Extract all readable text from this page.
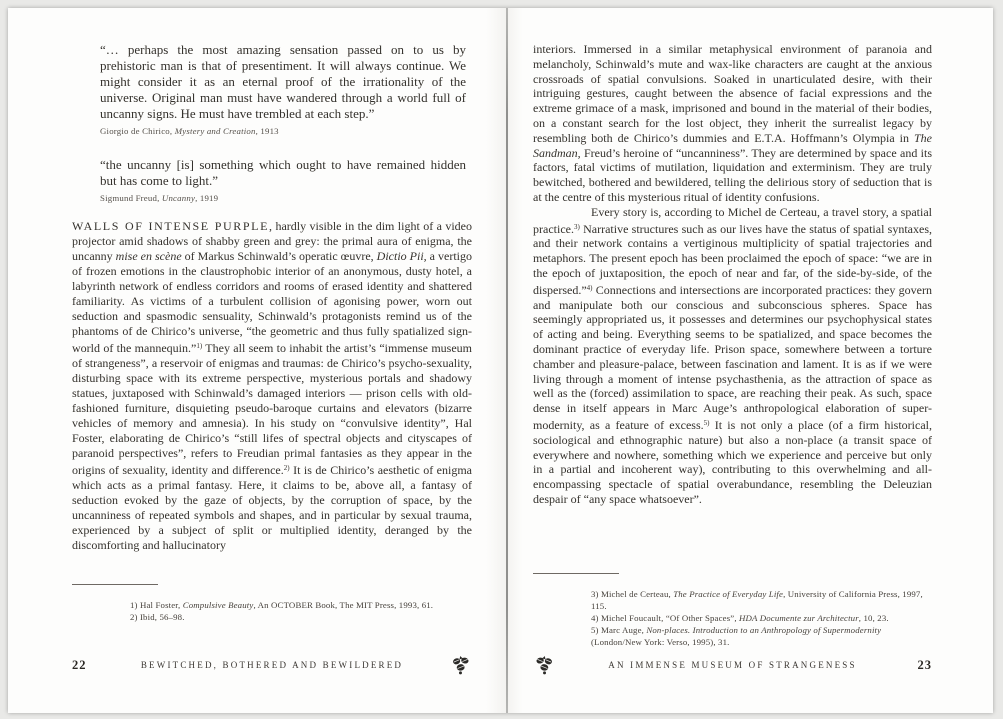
“… perhaps the most amazing sensation passed on to us by prehistoric man is that of presentiment. It will always continue. We might consider it as an eternal proof of the irrationality of the universe. Original man must have wandered through a world full of uncanny signs. He must have trembled at each step.”

Giorgio de Chirico, Mystery and Creation, 1913

“the uncanny [is] something which ought to have remained hidden but has come to light.”

Sigmund Freud, Uncanny, 1919

WALLS OF INTENSE PURPLE, hardly visible in the dim light of a video projector amid shadows of shabby green and grey: the primal aura of enigma, the uncanny mise en scène of Markus Schinwald’s operatic œuvre, Dictio Pii, a vertigo of frozen emotions in the claustrophobic interior of an anonymous, dusty hotel, a labyrinth network of endless corridors and rooms of erased identity and shattered familiarity. As victims of a turbulent collision of agonising power, worn out seduction and spasmodic sensuality, Schinwald’s protagonists remind us of the phantoms of de Chirico’s universe, “the geometric and thus fully spatialized sign-world of the mannequin.”$^{1)}$ They all seem to inhabit the artist’s “immense museum of strangeness”, a reservoir of enigmas and traumas: de Chirico’s psycho-sexuality, disturbing space with its extreme perspective, mysterious portals and shadowy statues, juxtaposed with Schinwald’s damaged interiors — prison cells with old-fashioned furniture, disquieting pseudo-baroque curtains and elevators (bizarre vehicles of memory and amnesia). In his study on “convulsive identity”, Hal Foster, elaborating de Chirico’s “still lifes of spectral objects and cityscapes of paranoid perspectives”, refers to Freudian primal fantasies as they appear in the origins of sexuality, identity and difference.$^{2)}$ It is de Chirico’s aesthetic of enigma which acts as a primal fantasy. Here, it claims to be, above all, a fantasy of seduction evoked by the gaze of objects, by the corruption of space, by the uncanniness of repeated symbols and shapes, and in particular by sexual trauma, experienced by a subject of split or multiplied identity, deranged by the discomforting and hallucinatory

1) Hal Foster, Compulsive Beauty, An OCTOBER Book, The MIT Press, 1993, 61.

2) Ibid, 56–98.

22	BEWITCHED, BOTHERED AND BEWILDERED

interiors. Immersed in a similar metaphysical environment of paranoia and melancholy, Schinwald’s mute and wax-like characters are caught at the anxious crossroads of spatial convulsions. Soaked in unarticulated desire, with their intriguing gestures, caught between the absence of facial expressions and the extreme grimace of a mask, imprisoned and bound in the material of their bodies, on a constant search for the lost object, they inherit the surrealist legacy by resembling both de Chirico’s dummies and E.T.A. Hoffmann’s Olympia in The Sandman, Freud’s heroine of “uncanniness”. They are determined by space and its factors, fatal victims of mutilation, liquidation and exterminism. They are truly bewitched, bothered and bewildered, telling the delirious story of seduction that is at the centre of this mysterious ritual of identity confusions.

Every story is, according to Michel de Certeau, a travel story, a spatial practice.$^{3)}$ Narrative structures such as our lives have the status of spatial syntaxes, and their network contains a vertiginous multiplicity of spatial trajectories and metaphors. The present epoch has been proclaimed the epoch of space: “we are in the epoch of juxtaposition, the epoch of near and far, of the side-by-side, of the dispersed.”$^{4)}$ Connections and intersections are incorporated practices: they govern and manipulate both our conscious and subconscious spheres. Space has seemingly appropriated us, it possesses and determines our psychophysical states of acting and being. Everything seems to be spatialized, and space becomes the dominant practice of everyday life. Prison space, somewhere between a torture chamber and pleasure-palace, between fascination and lament. It is as if we were living through a moment of intense psychasthenia, as the attraction of space as well as the (forced) assimilation to space, are reaching their peak. As such, space dense in itself appears in Marc Auge’s anthropological elaboration of super-modernity, as a feature of excess.$^{5)}$ It is not only a place (of a firm historical, sociological and ethnographic nature) but also a non-place (a transit space of everywhere and nowhere, something which we experience and perceive but only in a partial and incoherent way), contributing to this overwhelming and all-encompassing spectacle of spatial overabundance, resembling the Deleuzian despair of “any space whatsoever”.

3) Michel de Certeau, The Practice of Everyday Life, University of California Press, 1997, 115.

4) Michel Foucault, “Of Other Spaces”, HDA Documente zur Architectur, 10, 23.

5) Marc Auge, Non-places. Introduction to an Anthropology of Supermodernity (London/New York: Verso, 1995), 31.

AN IMMENSE MUSEUM OF STRANGENESS	23
